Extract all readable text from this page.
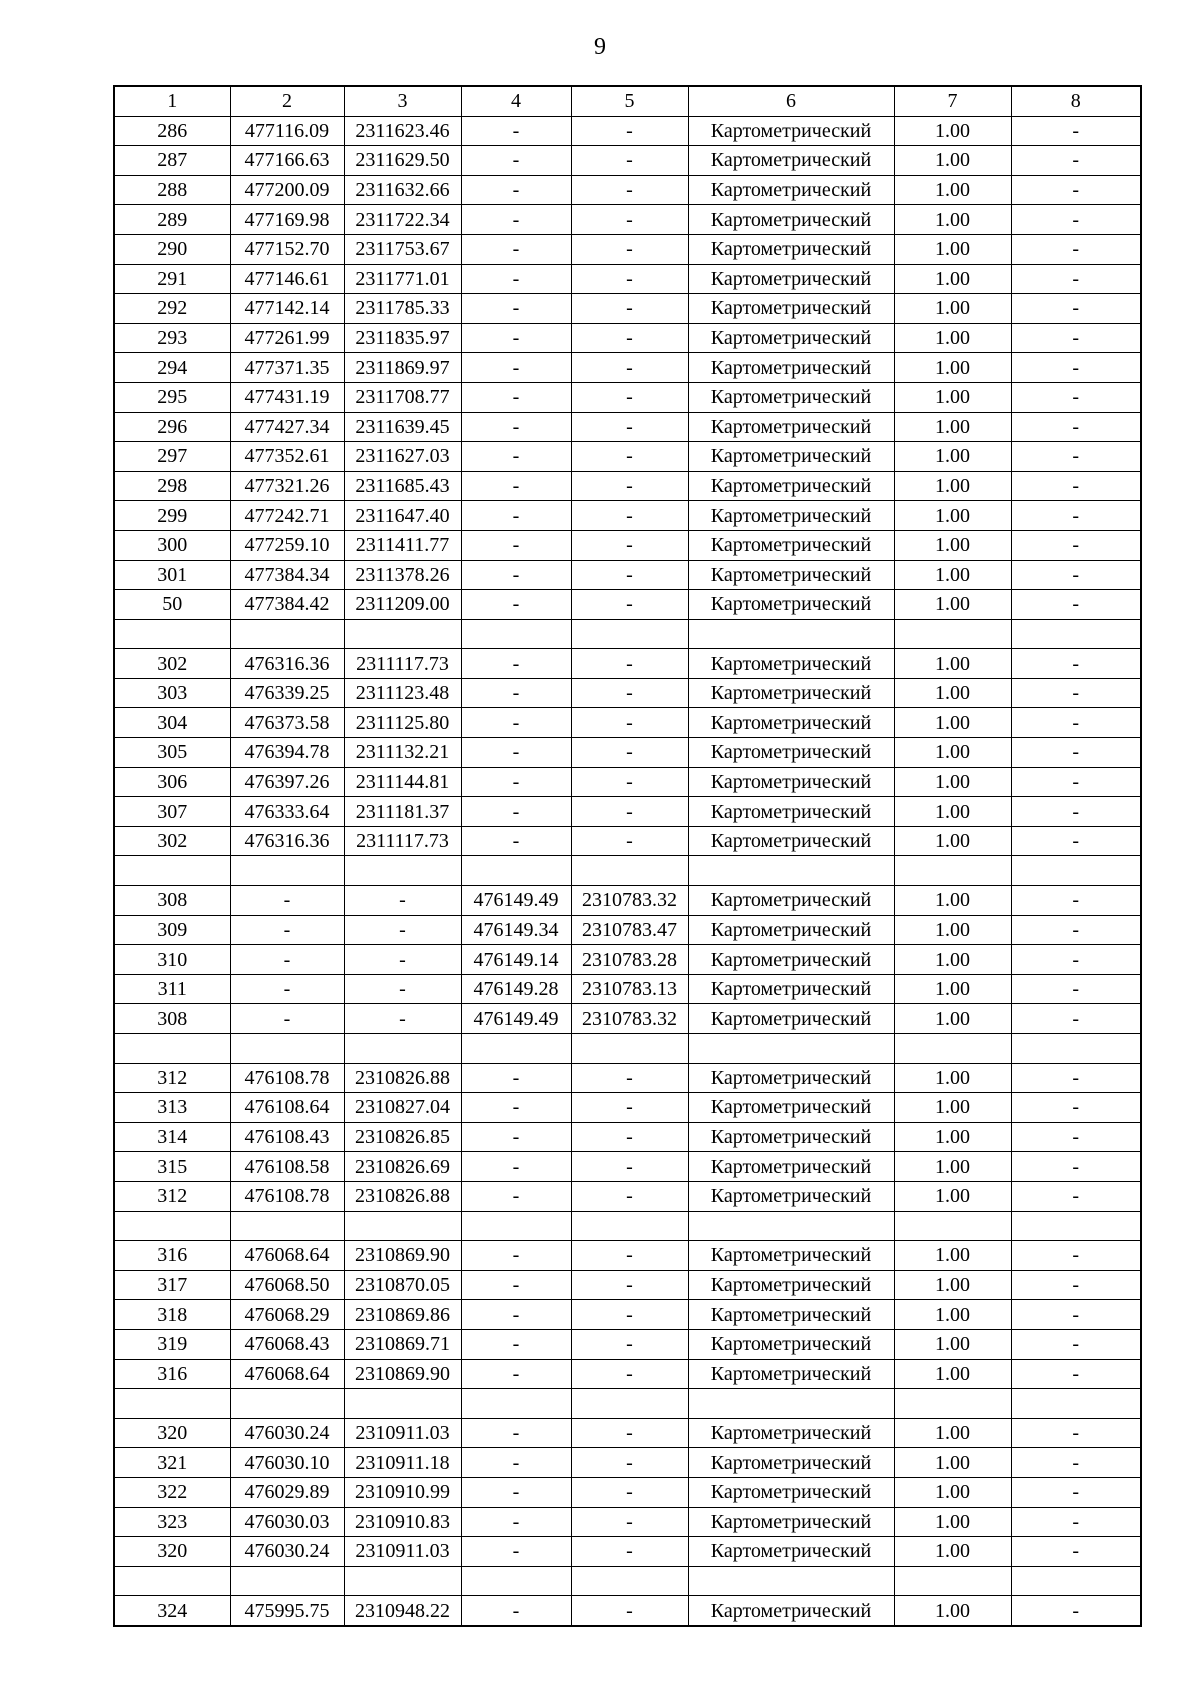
9
1	2	3	4	5	6	7	8
286	477116.09	2311623.46	-	-	Картометрический	1.00	-
287	477166.63	2311629.50	-	-	Картометрический	1.00	-
288	477200.09	2311632.66	-	-	Картометрический	1.00	-
289	477169.98	2311722.34	-	-	Картометрический	1.00	-
290	477152.70	2311753.67	-	-	Картометрический	1.00	-
291	477146.61	2311771.01	-	-	Картометрический	1.00	-
292	477142.14	2311785.33	-	-	Картометрический	1.00	-
293	477261.99	2311835.97	-	-	Картометрический	1.00	-
294	477371.35	2311869.97	-	-	Картометрический	1.00	-
295	477431.19	2311708.77	-	-	Картометрический	1.00	-
296	477427.34	2311639.45	-	-	Картометрический	1.00	-
297	477352.61	2311627.03	-	-	Картометрический	1.00	-
298	477321.26	2311685.43	-	-	Картометрический	1.00	-
299	477242.71	2311647.40	-	-	Картометрический	1.00	-
300	477259.10	2311411.77	-	-	Картометрический	1.00	-
301	477384.34	2311378.26	-	-	Картометрический	1.00	-
50	477384.42	2311209.00	-	-	Картометрический	1.00	-

302	476316.36	2311117.73	-	-	Картометрический	1.00	-
303	476339.25	2311123.48	-	-	Картометрический	1.00	-
304	476373.58	2311125.80	-	-	Картометрический	1.00	-
305	476394.78	2311132.21	-	-	Картометрический	1.00	-
306	476397.26	2311144.81	-	-	Картометрический	1.00	-
307	476333.64	2311181.37	-	-	Картометрический	1.00	-
302	476316.36	2311117.73	-	-	Картометрический	1.00	-

308	-	-	476149.49	2310783.32	Картометрический	1.00	-
309	-	-	476149.34	2310783.47	Картометрический	1.00	-
310	-	-	476149.14	2310783.28	Картометрический	1.00	-
311	-	-	476149.28	2310783.13	Картометрический	1.00	-
308	-	-	476149.49	2310783.32	Картометрический	1.00	-

312	476108.78	2310826.88	-	-	Картометрический	1.00	-
313	476108.64	2310827.04	-	-	Картометрический	1.00	-
314	476108.43	2310826.85	-	-	Картометрический	1.00	-
315	476108.58	2310826.69	-	-	Картометрический	1.00	-
312	476108.78	2310826.88	-	-	Картометрический	1.00	-

316	476068.64	2310869.90	-	-	Картометрический	1.00	-
317	476068.50	2310870.05	-	-	Картометрический	1.00	-
318	476068.29	2310869.86	-	-	Картометрический	1.00	-
319	476068.43	2310869.71	-	-	Картометрический	1.00	-
316	476068.64	2310869.90	-	-	Картометрический	1.00	-

320	476030.24	2310911.03	-	-	Картометрический	1.00	-
321	476030.10	2310911.18	-	-	Картометрический	1.00	-
322	476029.89	2310910.99	-	-	Картометрический	1.00	-
323	476030.03	2310910.83	-	-	Картометрический	1.00	-
320	476030.24	2310911.03	-	-	Картометрический	1.00	-

324	475995.75	2310948.22	-	-	Картометрический	1.00	-
